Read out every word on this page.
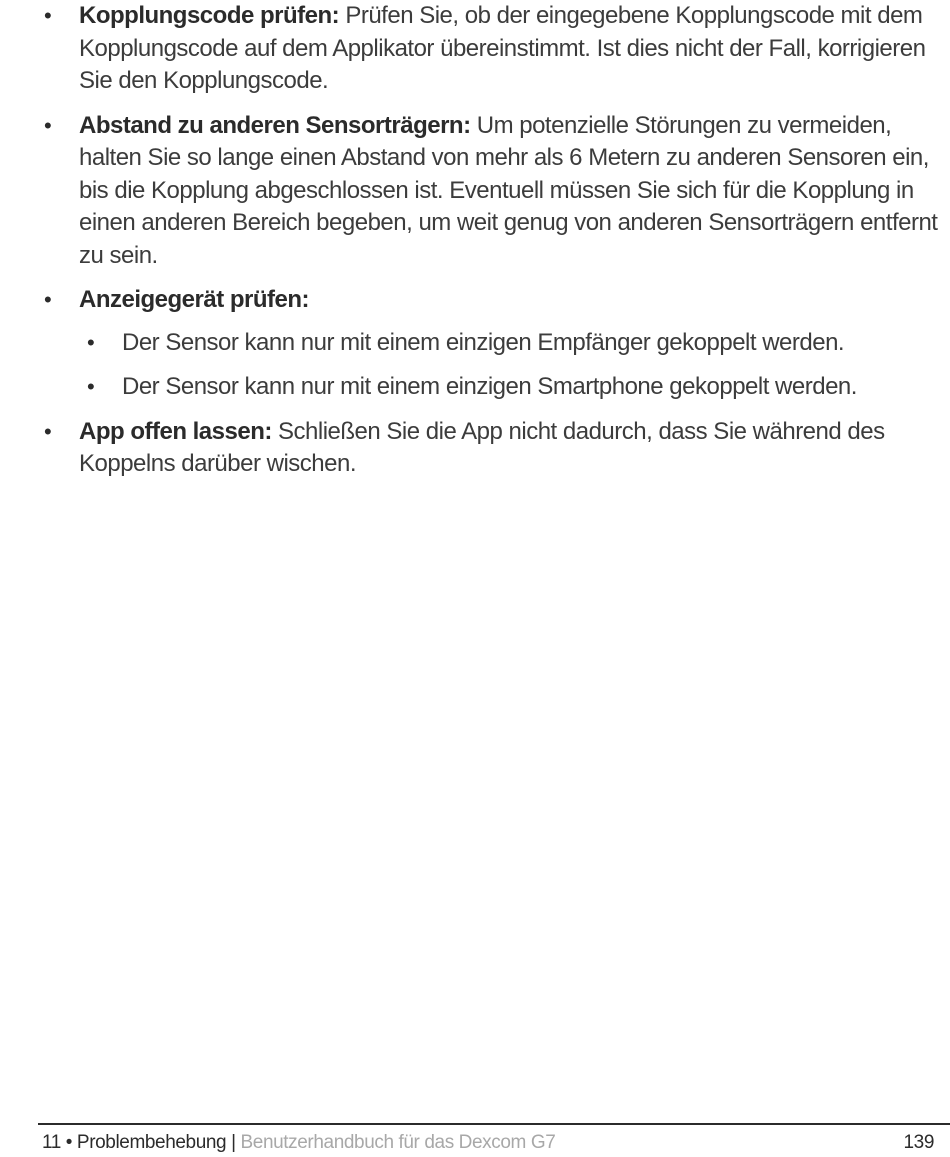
• Kopplungscode prüfen: Prüfen Sie, ob der eingegebene Kopplungscode mit dem Kopplungscode auf dem Applikator übereinstimmt. Ist dies nicht der Fall, korrigieren Sie den Kopplungscode.
• Abstand zu anderen Sensorträgern: Um potenzielle Störungen zu vermeiden, halten Sie so lange einen Abstand von mehr als 6 Metern zu anderen Sensoren ein, bis die Kopplung abgeschlossen ist. Eventuell müssen Sie sich für die Kopplung in einen anderen Bereich begeben, um weit genug von anderen Sensorträgern entfernt zu sein.
• Anzeigegerät prüfen:
• Der Sensor kann nur mit einem einzigen Empfänger gekoppelt werden.
• Der Sensor kann nur mit einem einzigen Smartphone gekoppelt werden.
• App offen lassen: Schließen Sie die App nicht dadurch, dass Sie während des Koppelns darüber wischen.
11 • Problembehebung | Benutzerhandbuch für das Dexcom G7	139
